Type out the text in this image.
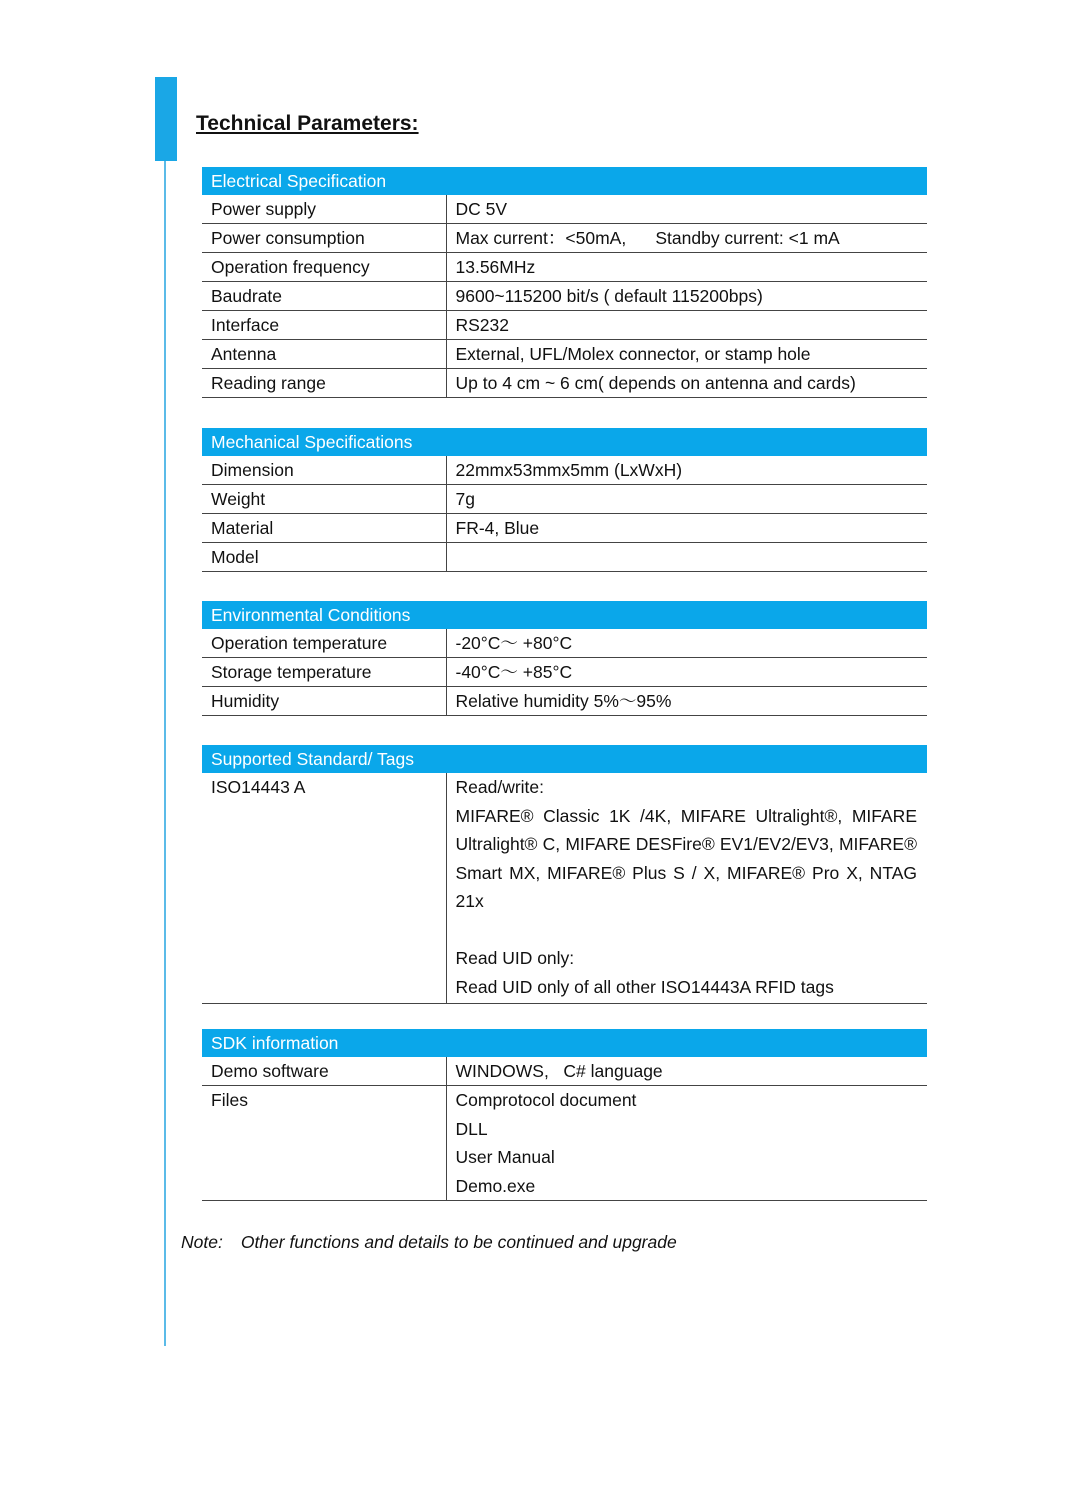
Technical Parameters:
Electrical Specification	
Power supply	DC 5V
Power consumption	Max current：<50mA,      Standby current: <1 mA
Operation frequency	13.56MHz
Baudrate	9600~115200 bit/s ( default 115200bps)
Interface	RS232
Antenna	External, UFL/Molex connector, or stamp hole
Reading range	Up to 4 cm ~ 6 cm( depends on antenna and cards)
Mechanical Specifications	
Dimension	22mmx53mmx5mm (LxWxH)
Weight	7g
Material	FR-4, Blue
Model	
Environmental Conditions	
Operation temperature	-20°C～ +80°C
Storage temperature	-40°C～ +85°C
Humidity	Relative humidity 5%～95%
Supported Standard/ Tags
ISO14443 A	Read/write:
MIFARE® Classic 1K /4K, MIFARE Ultralight®, MIFARE Ultralight® C, MIFARE DESFire® EV1/EV2/EV3, MIFARE® Smart MX, MIFARE® Plus S / X, MIFARE® Pro X, NTAG 21x

Read UID only:
Read UID only of all other ISO14443A RFID tags
SDK information	
Demo software	WINDOWS,   C# language
Files	Comprotocol document
DLL
User Manual
Demo.exe
Note: Other functions and details to be continued and upgrade
